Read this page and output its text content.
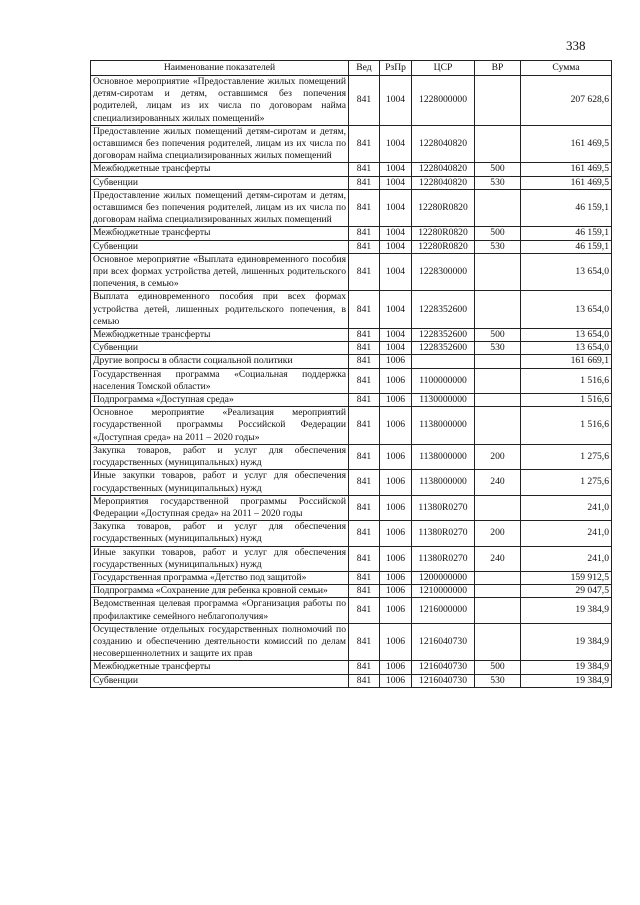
338
Наименование показателей	Вед	РзПр	ЦСР	ВР	Сумма
Основное мероприятие «Предоставление жилых помещений детям-сиротам и детям, оставшимся без попечения родителей, лицам из их числа по договорам найма специализированных жилых помещений»	841	1004	1228000000		207 628,6
Предоставление жилых помещений детям-сиротам и детям, оставшимся без попечения родителей, лицам из их числа по договорам найма специализированных жилых помещений	841	1004	1228040820		161 469,5
Межбюджетные трансферты	841	1004	1228040820	500	161 469,5
Субвенции	841	1004	1228040820	530	161 469,5
Предоставление жилых помещений детям-сиротам и детям, оставшимся без попечения родителей, лицам из их числа по договорам найма специализированных жилых помещений	841	1004	12280R0820		46 159,1
Межбюджетные трансферты	841	1004	12280R0820	500	46 159,1
Субвенции	841	1004	12280R0820	530	46 159,1
Основное мероприятие «Выплата единовременного пособия при всех формах устройства детей, лишенных родительского попечения, в семью»	841	1004	1228300000		13 654,0
Выплата единовременного пособия при всех формах устройства детей, лишенных родительского попечения, в семью	841	1004	1228352600		13 654,0
Межбюджетные трансферты	841	1004	1228352600	500	13 654,0
Субвенции	841	1004	1228352600	530	13 654,0
Другие вопросы в области социальной политики	841	1006			161 669,1
Государственная программа «Социальная поддержка населения Томской области»	841	1006	1100000000		1 516,6
Подпрограмма «Доступная среда»	841	1006	1130000000		1 516,6
Основное мероприятие «Реализация мероприятий государственной программы Российской Федерации «Доступная среда» на 2011 – 2020 годы»	841	1006	1138000000		1 516,6
Закупка товаров, работ и услуг для обеспечения государственных (муниципальных) нужд	841	1006	1138000000	200	1 275,6
Иные закупки товаров, работ и услуг для обеспечения государственных (муниципальных) нужд	841	1006	1138000000	240	1 275,6
Мероприятия государственной программы Российской Федерации «Доступная среда» на 2011 – 2020 годы	841	1006	11380R0270		241,0
Закупка товаров, работ и услуг для обеспечения государственных (муниципальных) нужд	841	1006	11380R0270	200	241,0
Иные закупки товаров, работ и услуг для обеспечения государственных (муниципальных) нужд	841	1006	11380R0270	240	241,0
Государственная программа «Детство под защитой»	841	1006	1200000000		159 912,5
Подпрограмма «Сохранение для ребенка кровной семьи»	841	1006	1210000000		29 047,5
Ведомственная целевая программа «Организация работы по профилактике семейного неблагополучия»	841	1006	1216000000		19 384,9
Осуществление отдельных государственных полномочий по созданию и обеспечению деятельности комиссий по делам несовершеннолетних и защите их прав	841	1006	1216040730		19 384,9
Межбюджетные трансферты	841	1006	1216040730	500	19 384,9
Субвенции	841	1006	1216040730	530	19 384,9
